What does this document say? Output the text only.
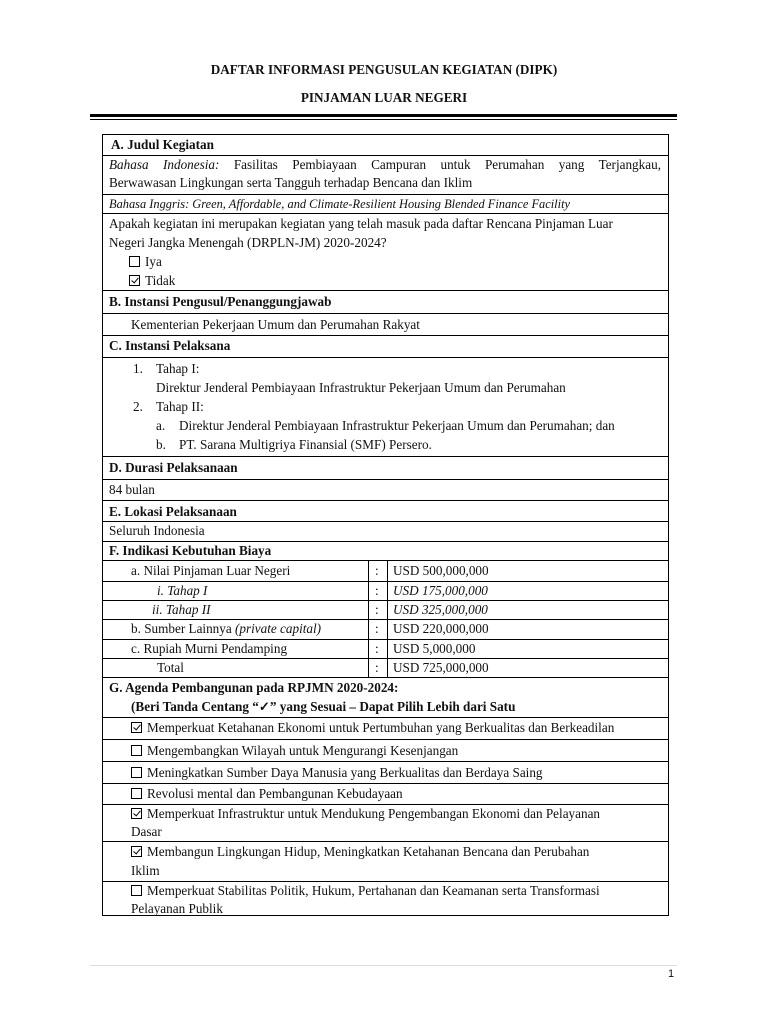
DAFTAR INFORMASI PENGUSULAN KEGIATAN (DIPK)
PINJAMAN LUAR NEGERI
A. Judul Kegiatan
Bahasa Indonesia: Fasilitas Pembiayaan Campuran untuk Perumahan yang Terjangkau,
Berwawasan Lingkungan serta Tangguh terhadap Bencana dan Iklim
Bahasa Inggris: Green, Affordable, and Climate-Resilient Housing Blended Finance Facility
Apakah kegiatan ini merupakan kegiatan yang telah masuk pada daftar Rencana Pinjaman Luar
Negeri Jangka Menengah (DRPLN-JM) 2020-2024?
Iya
Tidak
B. Instansi Pengusul/Penanggungjawab
Kementerian Pekerjaan Umum dan Perumahan Rakyat
C. Instansi Pelaksana
1. Tahap I:
Direktur Jenderal Pembiayaan Infrastruktur Pekerjaan Umum dan Perumahan
2. Tahap II:
a. Direktur Jenderal Pembiayaan Infrastruktur Pekerjaan Umum dan Perumahan; dan
b. PT. Sarana Multigriya Finansial (SMF) Persero.
D. Durasi Pelaksanaan
84 bulan
E. Lokasi Pelaksanaan
Seluruh Indonesia
F. Indikasi Kebutuhan Biaya
a. Nilai Pinjaman Luar Negeri	: USD 500,000,000
i. Tahap I	: USD 175,000,000
ii. Tahap II	: USD 325,000,000
b. Sumber Lainnya (private capital)	: USD 220,000,000
c. Rupiah Murni Pendamping	: USD 5,000,000
Total	: USD 725,000,000
G. Agenda Pembangunan pada RPJMN 2020-2024:
(Beri Tanda Centang “✓” yang Sesuai – Dapat Pilih Lebih dari Satu
Memperkuat Ketahanan Ekonomi untuk Pertumbuhan yang Berkualitas dan Berkeadilan
Mengembangkan Wilayah untuk Mengurangi Kesenjangan
Meningkatkan Sumber Daya Manusia yang Berkualitas dan Berdaya Saing
Revolusi mental dan Pembangunan Kebudayaan
Memperkuat Infrastruktur untuk Mendukung Pengembangan Ekonomi dan Pelayanan
Dasar
Membangun Lingkungan Hidup, Meningkatkan Ketahanan Bencana dan Perubahan
Iklim
Memperkuat Stabilitas Politik, Hukum, Pertahanan dan Keamanan serta Transformasi
Pelayanan Publik
1
